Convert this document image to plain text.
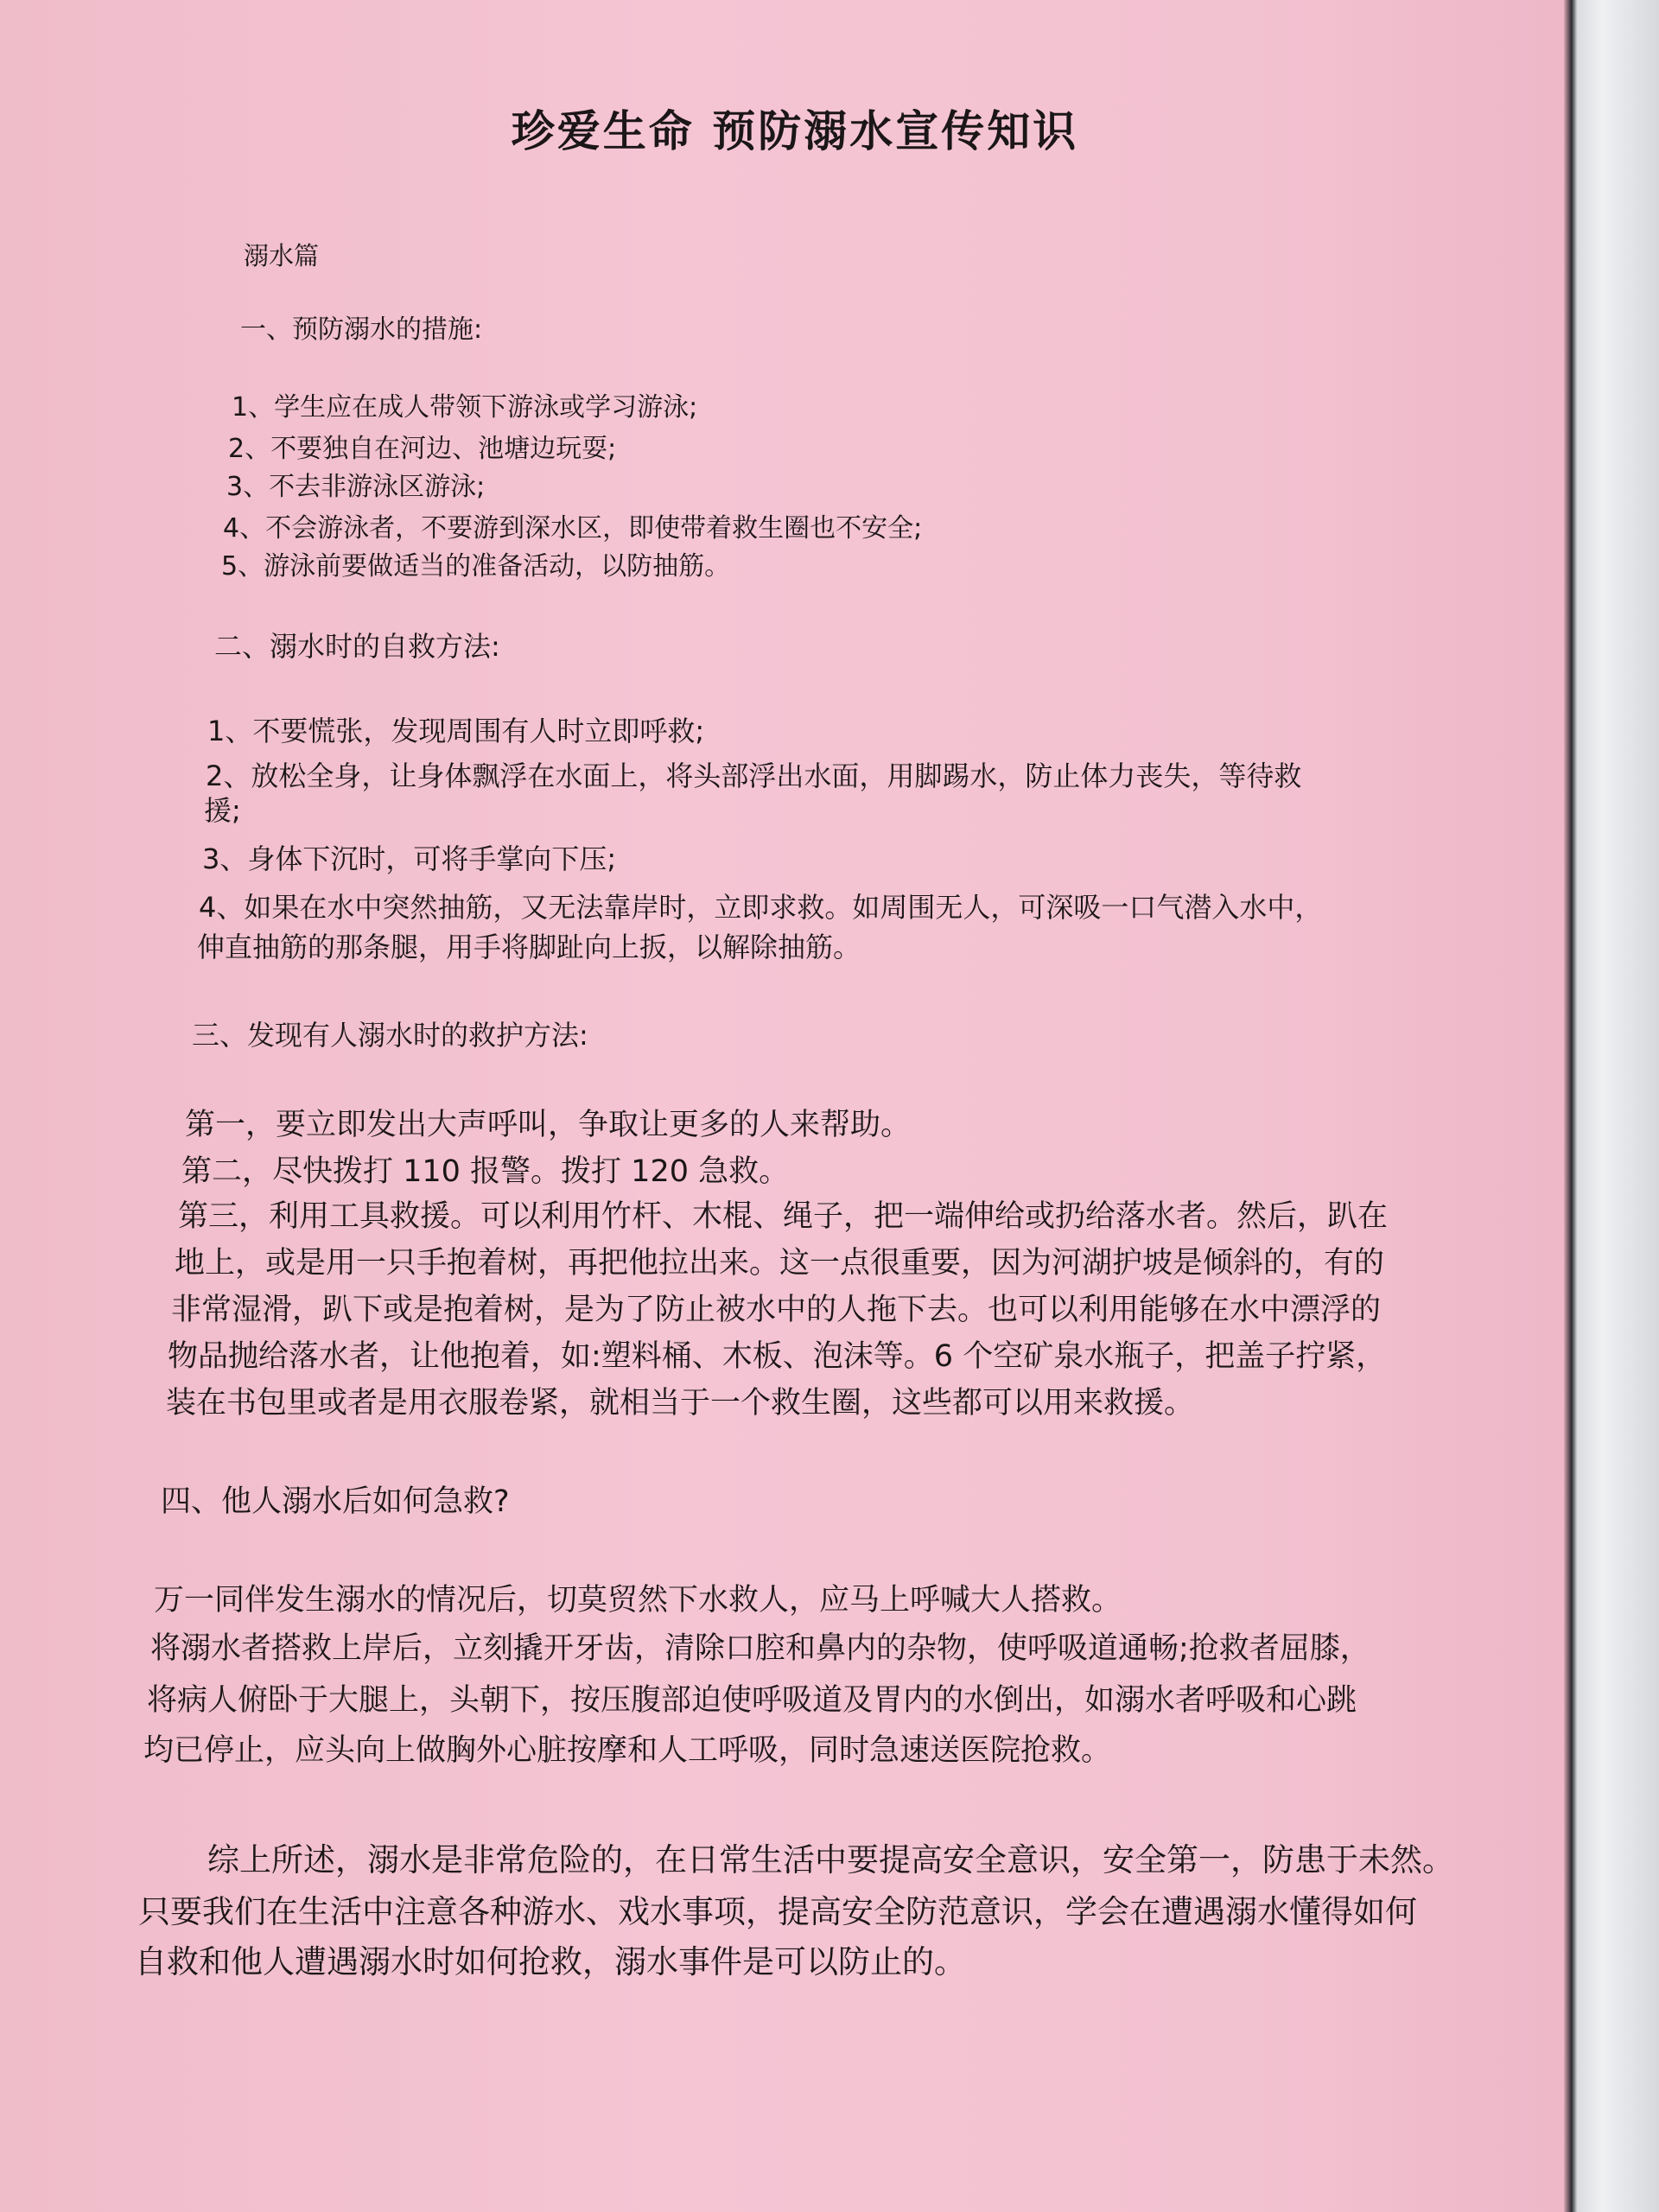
珍爱生命 预防溺水宣传知识
溺水篇
一、预防溺水的措施:
1、学生应在成人带领下游泳或学习游泳;
2、不要独自在河边、池塘边玩耍;
3、不去非游泳区游泳;
4、不会游泳者，不要游到深水区，即使带着救生圈也不安全;
5、游泳前要做适当的准备活动，以防抽筋。
二、溺水时的自救方法:
1、不要慌张，发现周围有人时立即呼救;
2、放松全身，让身体飘浮在水面上，将头部浮出水面，用脚踢水，防止体力丧失，等待救
援;
3、身体下沉时，可将手掌向下压;
4、如果在水中突然抽筋，又无法靠岸时，立即求救。如周围无人，可深吸一口气潜入水中，
伸直抽筋的那条腿，用手将脚趾向上扳，以解除抽筋。
三、发现有人溺水时的救护方法:
第一，要立即发出大声呼叫，争取让更多的人来帮助。
第二，尽快拨打 110 报警。拨打 120 急救。
第三，利用工具救援。可以利用竹杆、木棍、绳子，把一端伸给或扔给落水者。然后，趴在
地上，或是用一只手抱着树，再把他拉出来。这一点很重要，因为河湖护坡是倾斜的，有的
非常湿滑，趴下或是抱着树，是为了防止被水中的人拖下去。也可以利用能够在水中漂浮的
物品抛给落水者，让他抱着，如:塑料桶、木板、泡沫等。6 个空矿泉水瓶子，把盖子拧紧，
装在书包里或者是用衣服卷紧，就相当于一个救生圈，这些都可以用来救援。
四、他人溺水后如何急救?
万一同伴发生溺水的情况后，切莫贸然下水救人，应马上呼喊大人搭救。
将溺水者搭救上岸后，立刻撬开牙齿，清除口腔和鼻内的杂物，使呼吸道通畅;抢救者屈膝，
将病人俯卧于大腿上，头朝下，按压腹部迫使呼吸道及胃内的水倒出，如溺水者呼吸和心跳
均已停止，应头向上做胸外心脏按摩和人工呼吸，同时急速送医院抢救。
综上所述，溺水是非常危险的，在日常生活中要提高安全意识，安全第一，防患于未然。
只要我们在生活中注意各种游水、戏水事项，提高安全防范意识，学会在遭遇溺水懂得如何
自救和他人遭遇溺水时如何抢救，溺水事件是可以防止的。
